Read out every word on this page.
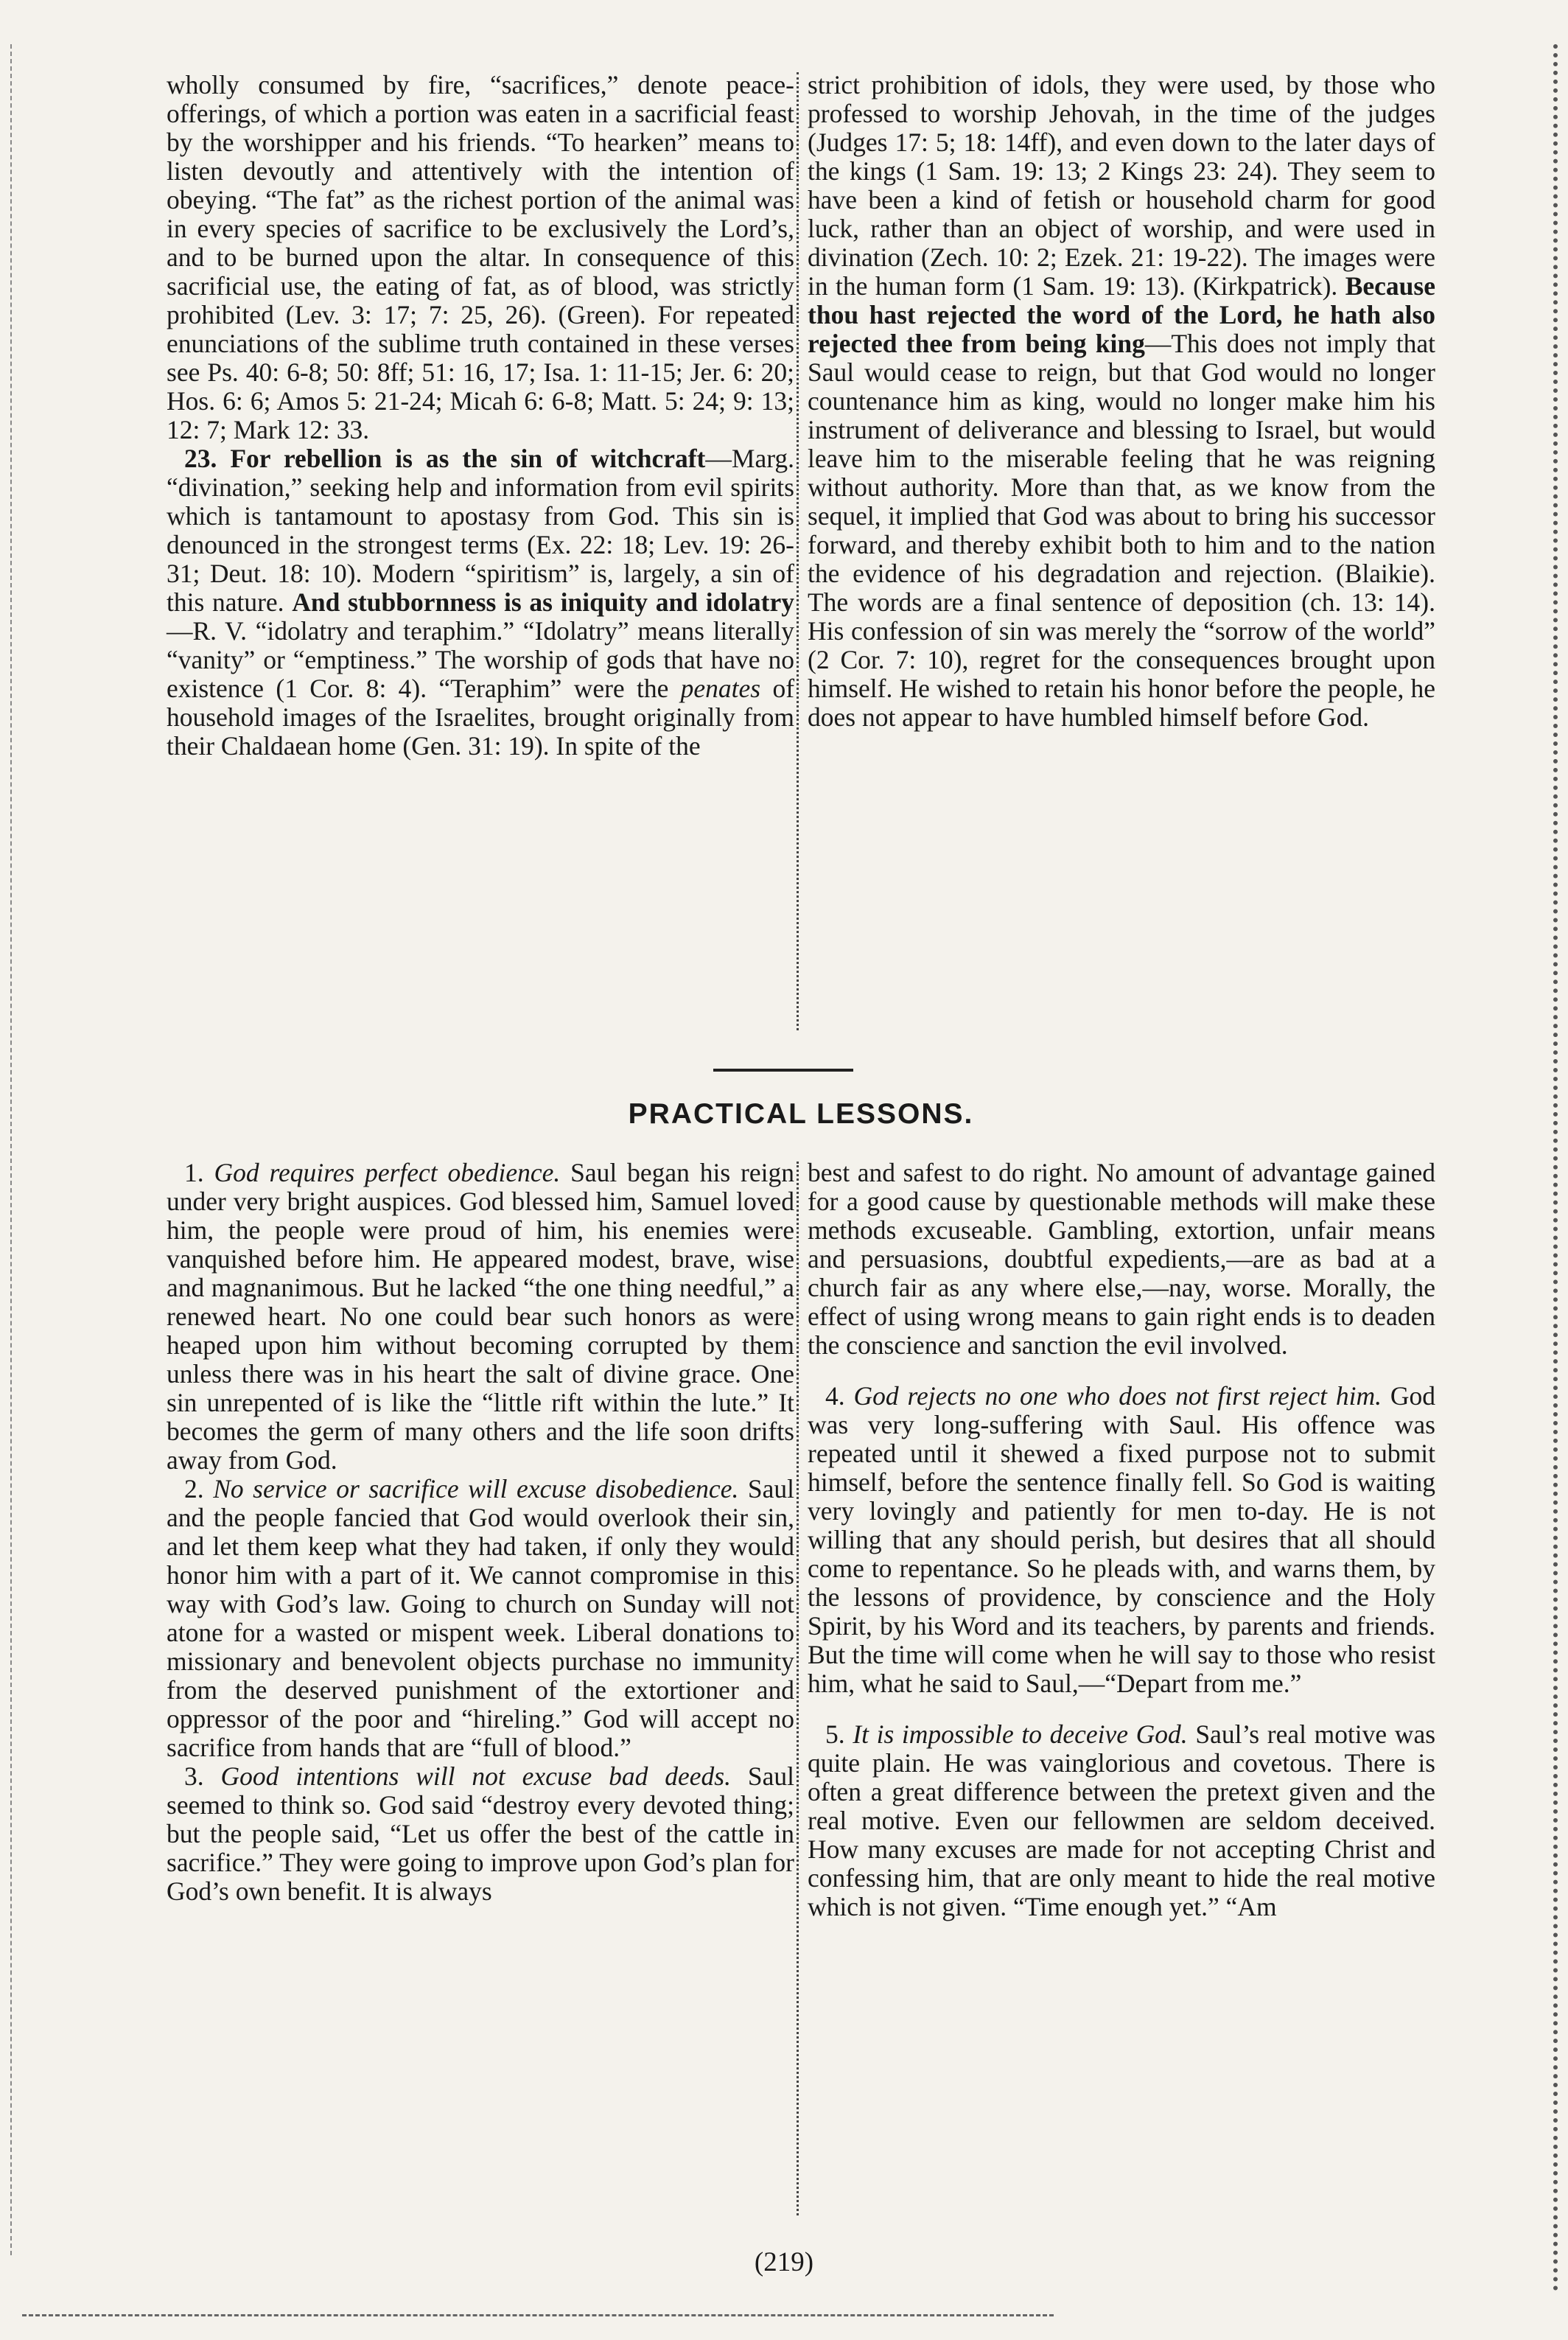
wholly consumed by fire, “sacrifices,” denote peace-offerings, of which a portion was eaten in a sacrificial feast by the worshipper and his friends. “To hearken” means to listen devoutly and attentively with the intention of obeying. “The fat” as the richest portion of the animal was in every species of sacrifice to be exclusively the Lord’s, and to be burned upon the altar. In consequence of this sacrificial use, the eating of fat, as of blood, was strictly prohibited (Lev. 3: 17; 7: 25, 26). (Green). For repeated enunciations of the sublime truth contained in these verses see Ps. 40: 6-8; 50: 8ff; 51: 16, 17; Isa. 1: 11-15; Jer. 6: 20; Hos. 6: 6; Amos 5: 21-24; Micah 6: 6-8; Matt. 5: 24; 9: 13; 12: 7; Mark 12: 33.

23. For rebellion is as the sin of witchcraft—Marg. “divination,” seeking help and information from evil spirits which is tantamount to apostasy from God. This sin is denounced in the strongest terms (Ex. 22: 18; Lev. 19: 26-31; Deut. 18: 10). Modern “spiritism” is, largely, a sin of this nature. And stubbornness is as iniquity and idolatry—R. V. “idolatry and teraphim.” “Idolatry” means literally “vanity” or “emptiness.” The worship of gods that have no existence (1 Cor. 8: 4). “Teraphim” were the penates of household images of the Israelites, brought originally from their Chaldaean home (Gen. 31: 19). In spite of the

strict prohibition of idols, they were used, by those who professed to worship Jehovah, in the time of the judges (Judges 17: 5; 18: 14ff), and even down to the later days of the kings (1 Sam. 19: 13; 2 Kings 23: 24). They seem to have been a kind of fetish or household charm for good luck, rather than an object of worship, and were used in divination (Zech. 10: 2; Ezek. 21: 19-22). The images were in the human form (1 Sam. 19: 13). (Kirkpatrick). Because thou hast rejected the word of the Lord, he hath also rejected thee from being king—This does not imply that Saul would cease to reign, but that God would no longer countenance him as king, would no longer make him his instrument of deliverance and blessing to Israel, but would leave him to the miserable feeling that he was reigning without authority. More than that, as we know from the sequel, it implied that God was about to bring his successor forward, and thereby exhibit both to him and to the nation the evidence of his degradation and rejection. (Blaikie). The words are a final sentence of deposition (ch. 13: 14). His confession of sin was merely the “sorrow of the world” (2 Cor. 7: 10), regret for the consequences brought upon himself. He wished to retain his honor before the people, he does not appear to have humbled himself before God.

PRACTICAL LESSONS.

1. God requires perfect obedience. Saul began his reign under very bright auspices. God blessed him, Samuel loved him, the people were proud of him, his enemies were vanquished before him. He appeared modest, brave, wise and magnanimous. But he lacked “the one thing needful,” a renewed heart. No one could bear such honors as were heaped upon him without becoming corrupted by them unless there was in his heart the salt of divine grace. One sin unrepented of is like the “little rift within the lute.” It becomes the germ of many others and the life soon drifts away from God.

2. No service or sacrifice will excuse disobedience. Saul and the people fancied that God would overlook their sin, and let them keep what they had taken, if only they would honor him with a part of it. We cannot compromise in this way with God’s law. Going to church on Sunday will not atone for a wasted or mispent week. Liberal donations to missionary and benevolent objects purchase no immunity from the deserved punishment of the extortioner and oppressor of the poor and “hireling.” God will accept no sacrifice from hands that are “full of blood.”

3. Good intentions will not excuse bad deeds. Saul seemed to think so. God said “destroy every devoted thing; but the people said, “Let us offer the best of the cattle in sacrifice.” They were going to improve upon God’s plan for God’s own benefit. It is always

best and safest to do right. No amount of advantage gained for a good cause by questionable methods will make these methods excuseable. Gambling, extortion, unfair means and persuasions, doubtful expedients,—are as bad at a church fair as any where else,—nay, worse. Morally, the effect of using wrong means to gain right ends is to deaden the conscience and sanction the evil involved.

4. God rejects no one who does not first reject him. God was very long-suffering with Saul. His offence was repeated until it shewed a fixed purpose not to submit himself, before the sentence finally fell. So God is waiting very lovingly and patiently for men to-day. He is not willing that any should perish, but desires that all should come to repentance. So he pleads with, and warns them, by the lessons of providence, by conscience and the Holy Spirit, by his Word and its teachers, by parents and friends. But the time will come when he will say to those who resist him, what he said to Saul,—“Depart from me.”

5. It is impossible to deceive God. Saul’s real motive was quite plain. He was vainglorious and covetous. There is often a great difference between the pretext given and the real motive. Even our fellowmen are seldom deceived. How many excuses are made for not accepting Christ and confessing him, that are only meant to hide the real motive which is not given. “Time enough yet.” “Am

(219)
